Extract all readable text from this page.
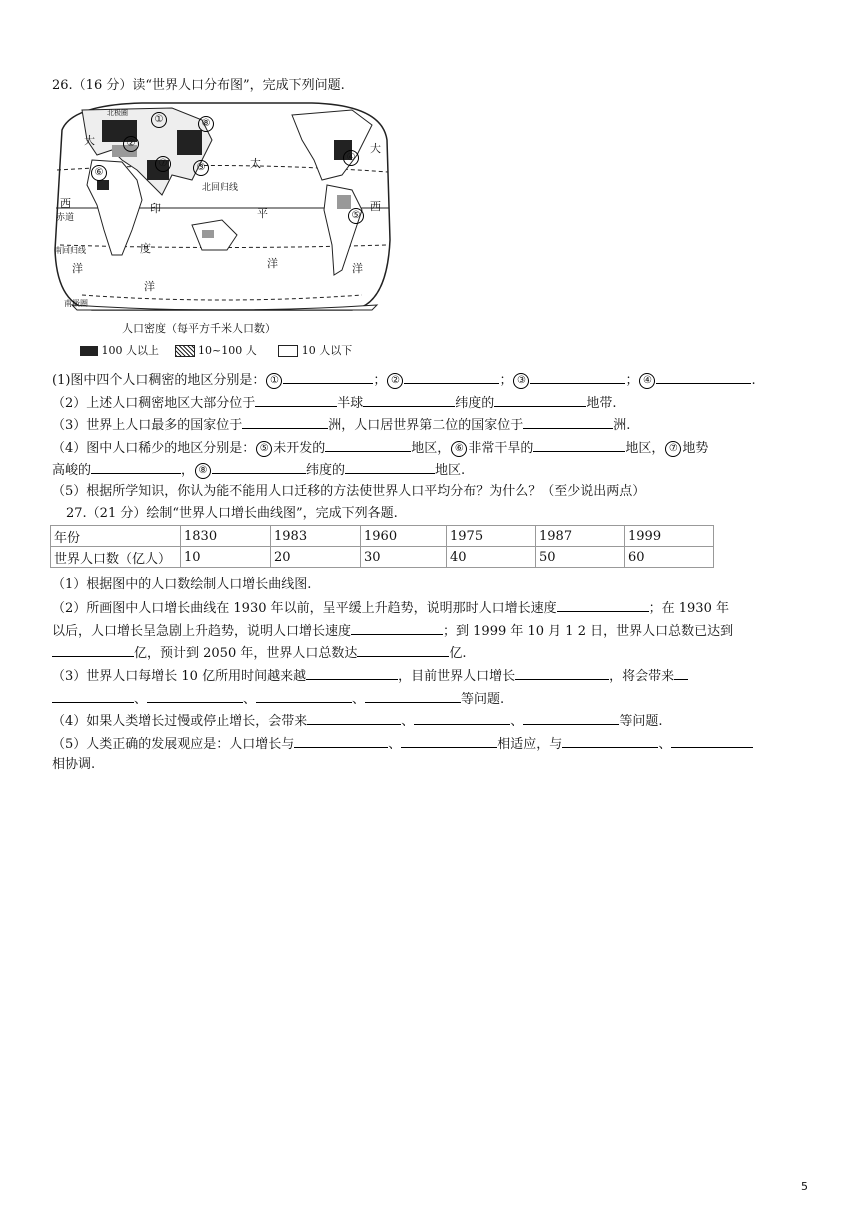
26.（16 分）读“世界人口分布图”，完成下列问题.
大
大
西	西
赤道
印
度
洋
洋
洋	洋
太
平
北回归线
南回归线
南极圈
北极圈
①
②
③
④
⑤
⑥
⑦
⑧
人口密度（每平方千米人口数）
100 人以上	10~100 人	10 人以下
(1)图中四个人口稠密的地区分别是： ①	； ②	； ③	； ④	.
（2）上述人口稠密地区大部分位于	半球	纬度的	地带.
（3）世界上人口最多的国家位于	洲，人口居世界第二位的国家位于	洲.
（4）图中人口稀少的地区分别是： ⑤ 未开发的	地区， ⑥ 非常干旱的	地区， ⑦ 地势
高峻的	， ⑧	纬度的	地区.
（5）根据所学知识，你认为能不能用人口迁移的方法使世界人口平均分布？为什么？（至少说出两点）
27.（21 分）绘制“世界人口增长曲线图”，完成下列各题.
年份	1830	1983	1960	1975	1987	1999
世界人口数（亿人）	10	20	30	40	50	60
（1）根据图中的人口数绘制人口增长曲线图.
（2）所画图中人口增长曲线在 1930 年以前，呈平缓上升趋势，说明那时人口增长速度	；在 1930 年
以后，人口增长呈急剧上升趋势，说明人口增长速度	；到 1999 年 10 月 1 2 日，世界人口总数已达到
亿，预计到 2050 年，世界人口总数达	亿.
（3）世界人口每增长 10 亿所用时间越来越	，目前世界人口增长	，将会带来
、	、	、	等问题.
（4）如果人类增长过慢或停止增长，会带来	、	、	等问题.
（5）人类正确的发展观应是：人口增长与	、	相适应，与	、
相协调.
5
